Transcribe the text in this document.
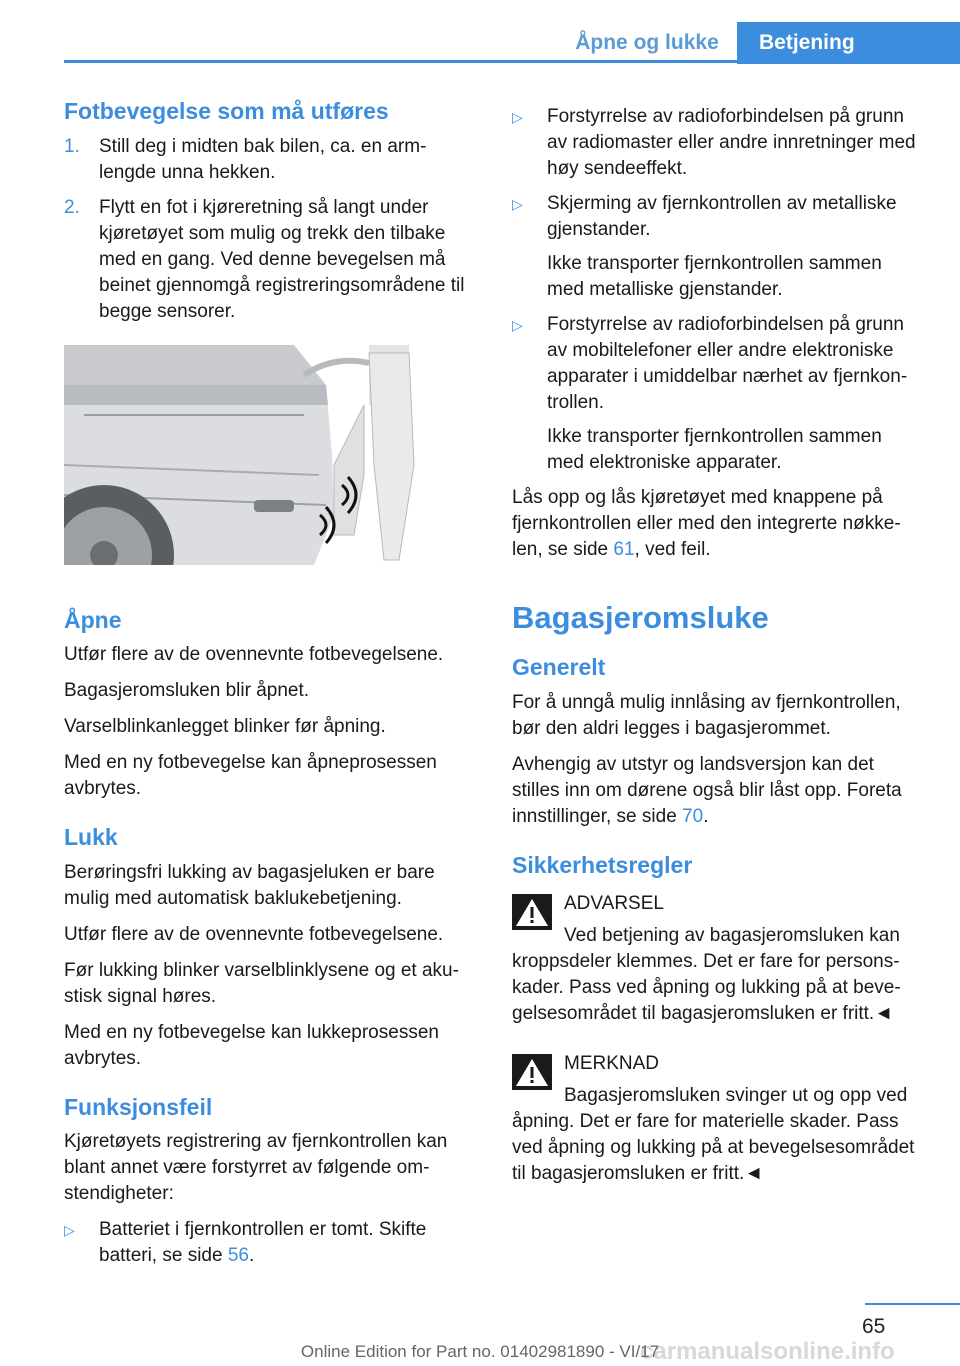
Åpne og lukke	Betjening
Fotbevegelse som må utføres
1. Still deg i midten bak bilen, ca. en armlengde unna hekken.
2. Flytt en fot i kjøreretning så langt under kjøretøyet som mulig og trekk den tilbake med en gang. Ved denne bevegelsen må beinet gjennomgå registreringsområdene til begge sensorer.
Åpne

Utfør flere av de ovennevnte fotbevegelsene.

Bagasjeromsluken blir åpnet.

Varselblinkanlegget blinker før åpning.

Med en ny fotbevegelse kan åpneprosessen avbrytes.

Lukk

Berøringsfri lukking av bagasjeluken er bare mulig med automatisk baklukebetjening.

Utfør flere av de ovennevnte fotbevegelsene.

Før lukking blinker varselblinklysene og et akustisk signal høres.

Med en ny fotbevegelse kan lukkeprosessen avbrytes.

Funksjonsfeil

Kjøretøyets registrering av fjernkontrollen kan blant annet være forstyrret av følgende omstendigheter:

▷ Batteriet i fjernkontrollen er tomt. Skifte batteri, se side 56.
▷ Forstyrrelse av radioforbindelsen på grunn av radiomaster eller andre innretninger med høy sendeeffekt.
▷ Skjerming av fjernkontrollen av metalliske gjenstander.

Ikke transporter fjernkontrollen sammen med metalliske gjenstander.

▷ Forstyrrelse av radioforbindelsen på grunn av mobiltelefoner eller andre elektroniske apparater i umiddelbar nærhet av fjernkontrollen.

Ikke transporter fjernkontrollen sammen med elektroniske apparater.

Lås opp og lås kjøretøyet med knappene på fjernkontrollen eller med den integrerte nøkkelen, se side 61, ved feil.

Bagasjeromsluke
Generelt

For å unngå mulig innlåsing av fjernkontrollen, bør den aldri legges i bagasjerommet.

Avhengig av utstyr og landsversjon kan det stilles inn om dørene også blir låst opp. Foreta innstillinger, se side 70.

Sikkerhetsregler
ADVARSEL
Ved betjening av bagasjeromsluken kan
kroppsdeler klemmes. Det er fare for personskader. Pass ved åpning og lukking på at bevegelsesområdet til bagasjeromsluken er fritt.◄
MERKNAD
Bagasjeromsluken svinger ut og opp ved
åpning. Det er fare for materielle skader. Pass ved åpning og lukking på at bevegelsesområdet til bagasjeromsluken er fritt.◄
65
carmanualsonline.info
Online Edition for Part no. 01402981890 - VI/17
